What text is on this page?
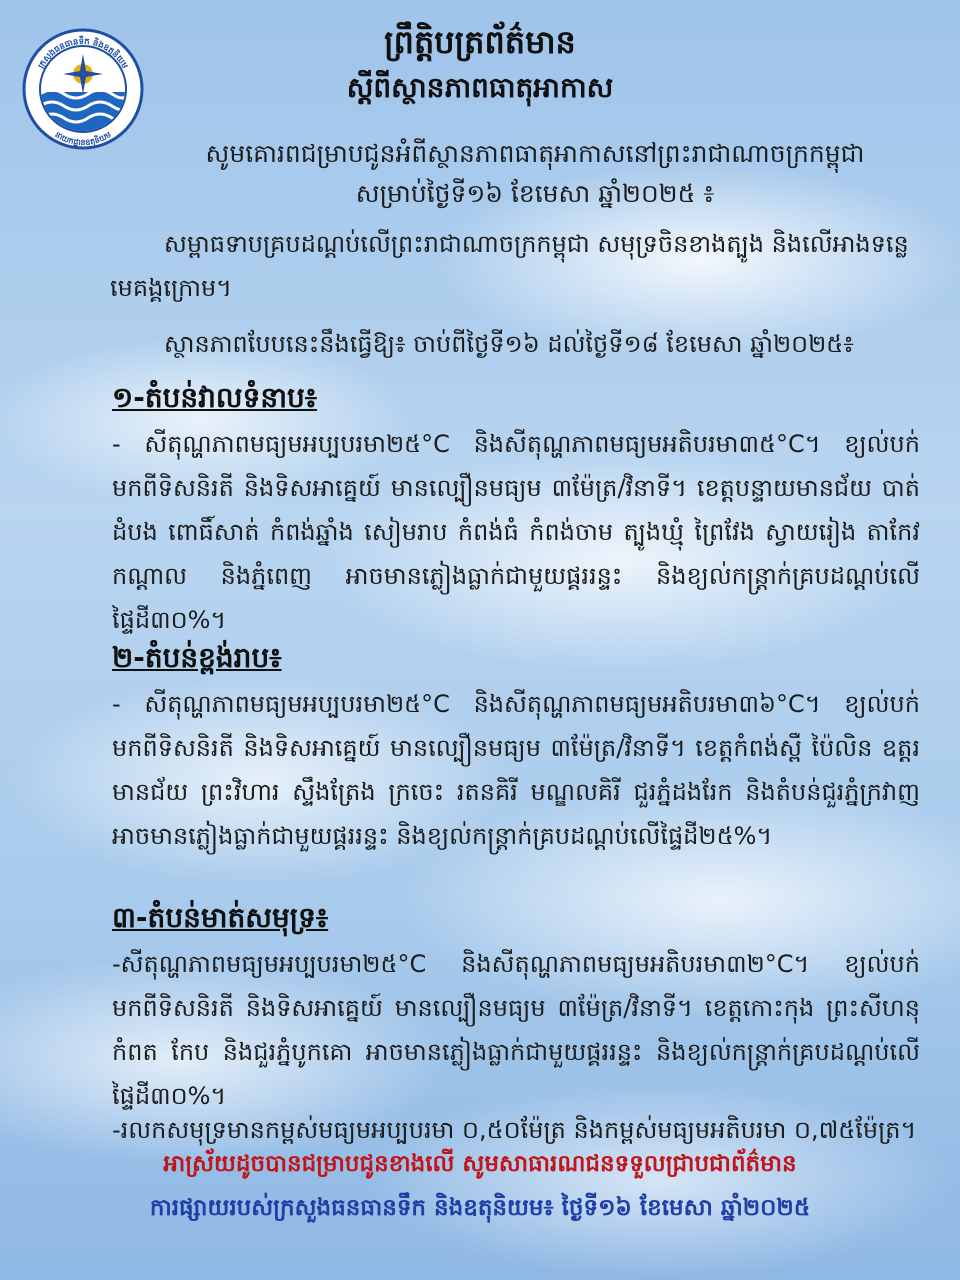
ក្រសួងធនធានទឹក និងឧតុនិយម
នាយកដ្ឋានឧតុនិយម
ព្រឹត្តិបត្រព័ត៌មាន
ស្តីពីស្ថានភាពធាតុអាកាស
សូមគោរពជម្រាបជូនអំពីស្ថានភាពធាតុអាកាសនៅព្រះរាជាណាចក្រកម្ពុជា
សម្រាប់ថ្ងៃទី១៦ ខែមេសា ឆ្នាំ២០២៥ ៖
សម្ពាធទាបគ្របដណ្តប់លើព្រះរាជាណាចក្រកម្ពុជា សមុទ្រចិនខាងត្បូង និងលើអាងទន្លេមេគង្គក្រោម។
ស្ថានភាពបែបនេះនឹងធ្វើឱ្យ៖ ចាប់ពីថ្ងៃទី១៦ ដល់ថ្ងៃទី១៨ ខែមេសា ឆ្នាំ២០២៥៖
១-តំបន់វាលទំនាប៖
- សីតុណ្ហភាពមធ្យមអប្បបរមា២៥°C និងសីតុណ្ហភាពមធ្យមអតិបរមា៣៥°C។ ខ្យល់បក់មកពីទិសនិរតី និងទិសអាគ្នេយ៍ មានល្បឿនមធ្យម ៣ម៉ែត្រ/វិនាទី។ ខេត្តបន្ទាយមានជ័យ បាត់ដំបង ពោធិ៍សាត់ កំពង់ឆ្នាំង សៀមរាប កំពង់ធំ កំពង់ចាម ត្បូងឃ្មុំ ព្រៃវែង ស្វាយរៀង តាកែវ កណ្តាល និងភ្នំពេញ អាចមានភ្លៀងធ្លាក់ជាមួយផ្គររន្ទះ និងខ្យល់កន្ត្រាក់គ្របដណ្តប់លើផ្ទៃដី៣០%។
២-តំបន់ខ្ពង់រាប៖
- សីតុណ្ហភាពមធ្យមអប្បបរមា២៥°C និងសីតុណ្ហភាពមធ្យមអតិបរមា៣៦°C។ ខ្យល់បក់មកពីទិសនិរតី និងទិសអាគ្នេយ៍ មានល្បឿនមធ្យម ៣ម៉ែត្រ/វិនាទី។ ខេត្តកំពង់ស្ពឺ ប៉ៃលិន ឧត្តរមានជ័យ ព្រះវិហារ ស្ទឹងត្រែង ក្រចេះ រតនគិរី មណ្ឌលគិរី ជួរភ្នំដងរែក និងតំបន់ជួរភ្នំក្រវាញ អាចមានភ្លៀងធ្លាក់ជាមួយផ្គររន្ទះ និងខ្យល់កន្ត្រាក់គ្របដណ្តប់លើផ្ទៃដី២៥%។
៣-តំបន់មាត់សមុទ្រ៖
-សីតុណ្ហភាពមធ្យមអប្បបរមា២៥°C និងសីតុណ្ហភាពមធ្យមអតិបរមា៣២°C។ ខ្យល់បក់មកពីទិសនិរតី និងទិសអាគ្នេយ៍ មានល្បឿនមធ្យម ៣ម៉ែត្រ/វិនាទី។ ខេត្តកោះកុង ព្រះសីហនុ កំពត កែប និងជួរភ្នំបូកគោ អាចមានភ្លៀងធ្លាក់ជាមួយផ្គររន្ទះ និងខ្យល់កន្ត្រាក់គ្របដណ្តប់លើផ្ទៃដី៣០%។
-រលកសមុទ្រមានកម្ពស់មធ្យមអប្បបរមា ០,៥០ម៉ែត្រ និងកម្ពស់មធ្យមអតិបរមា ០,៧៥ម៉ែត្រ។
អាស្រ័យដូចបានជម្រាបជូនខាងលើ សូមសាធារណជនទទួលជ្រាបជាព័ត៌មាន
ការផ្សាយរបស់ក្រសួងធនធានទឹក និងឧតុនិយម៖ ថ្ងៃទី១៦ ខែមេសា ឆ្នាំ២០២៥
